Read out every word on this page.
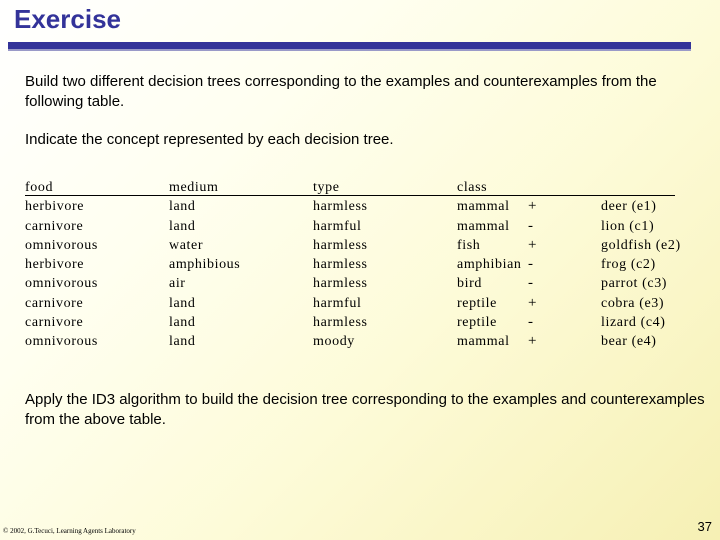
Exercise

Build two different decision trees corresponding to the examples and counterexamples from the following table.

Indicate the concept represented by each decision tree.

food
herbivore
carnivore
omnivorous
herbivore
omnivorous
carnivore
carnivore
omnivorous
medium
land
land
water
amphibious
air
land
land
land
type
harmless
harmful
harmless
harmless
harmless
harmful
harmless
moody
class
mammal
mammal
fish
amphibian
bird
reptile
reptile
mammal
+
-
+
-
-
+
-
+
deer (e1)
lion (c1)
goldfish (e2)
frog (c2)
parrot (c3)
cobra (e3)
lizard (c4)
bear (e4)

Apply the ID3 algorithm to build the decision tree corresponding to the examples and counterexamples from the above table.

© 2002, G.Tecuci, Learning Agents Laboratory	37
